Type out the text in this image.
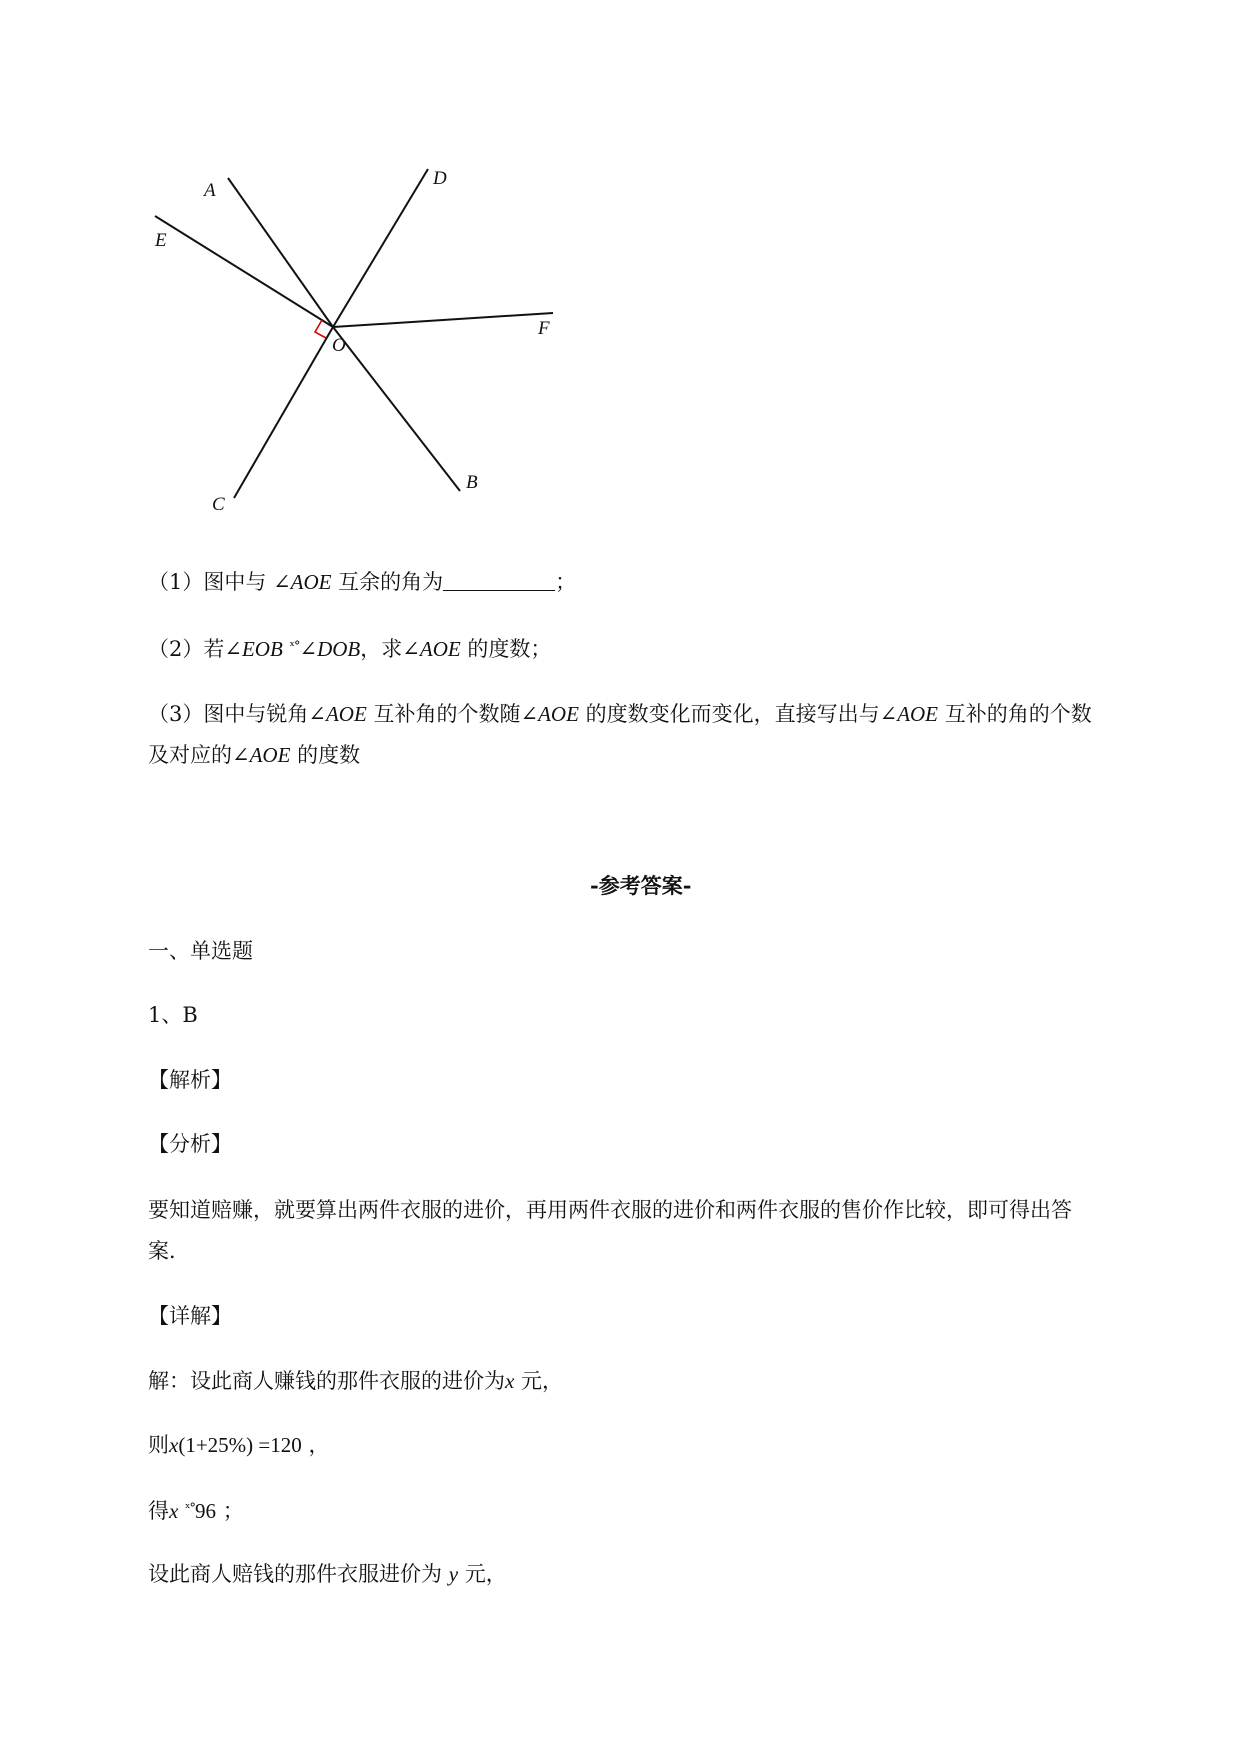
A
D
E
F
O
B
C
（1）图中与 ∠AOE 互余的角为	；
（2）若∠EOB $^{ˣ^\circ}$∠DOB，求∠AOE 的度数；
（3）图中与锐角∠AOE 互补角的个数随∠AOE 的度数变化而变化，直接写出与∠AOE 互补的角的个数
及对应的∠AOE 的度数
-参考答案-
一、单选题
1、B
【解析】
【分析】
要知道赔赚，就要算出两件衣服的进价，再用两件衣服的进价和两件衣服的售价作比较，即可得出答
案．
【详解】
解：设此商人赚钱的那件衣服的进价为x 元，
则x(1+25%) =120 ，
得x $^{ˣ^\circ}$96 ；
设此商人赔钱的那件衣服进价为 y 元，
